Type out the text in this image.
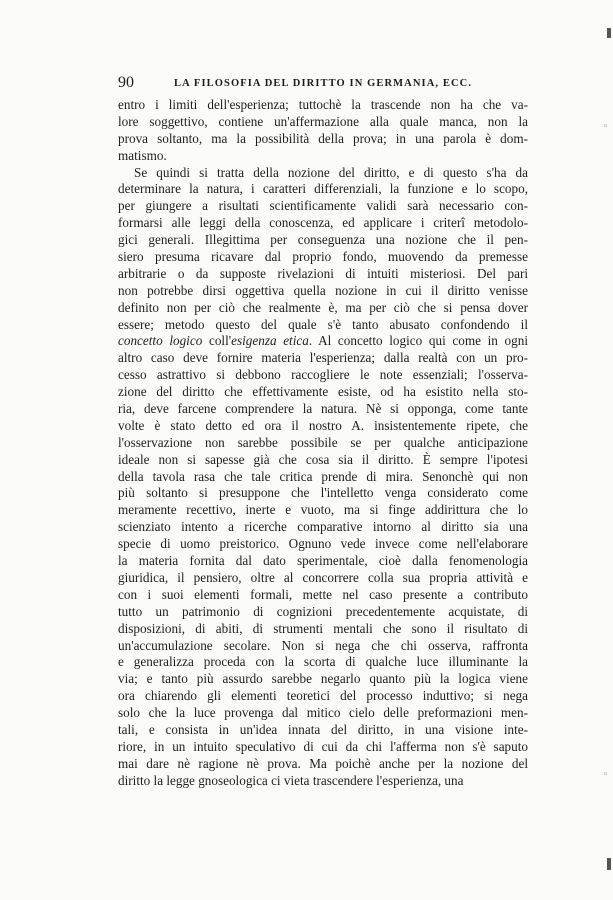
90	LA FILOSOFIA DEL DIRITTO IN GERMANIA, ECC.
entro i limiti dell'esperienza; tuttochè la trascende non ha che va-
lore soggettivo, contiene un'affermazione alla quale manca, non la
prova soltanto, ma la possibilità della prova; in una parola è dom-
matismo.
Se quindi si tratta della nozione del diritto, e di questo s'ha da
determinare la natura, i caratteri differenziali, la funzione e lo scopo,
per giungere a risultati scientificamente validi sarà necessario con-
formarsi alle leggi della conoscenza, ed applicare i criterî metodolo-
gici generali. Illegittima per conseguenza una nozione che il pen-
siero presuma ricavare dal proprio fondo, muovendo da premesse
arbitrarie o da supposte rivelazioni di intuiti misteriosi. Del pari
non potrebbe dirsi oggettiva quella nozione in cui il diritto venisse
definito non per ciò che realmente è, ma per ciò che si pensa dover
essere; metodo questo del quale s'è tanto abusato confondendo il
concetto logico coll'esigenza etica. Al concetto logico qui come in ogni
altro caso deve fornire materia l'esperienza; dalla realtà con un pro-
cesso astrattivo si debbono raccogliere le note essenziali; l'osserva-
zione del diritto che effettivamente esiste, od ha esistito nella sto-
ria, deve farcene comprendere la natura. Nè si opponga, come tante
volte è stato detto ed ora il nostro A. insistentemente ripete, che
l'osservazione non sarebbe possibile se per qualche anticipazione
ideale non si sapesse già che cosa sia il diritto. È sempre l'ipotesi
della tavola rasa che tale critica prende di mira. Senonchè qui non
più soltanto si presuppone che l'intelletto venga considerato come
meramente recettivo, inerte e vuoto, ma si finge addirittura che lo
scienziato intento a ricerche comparative intorno al diritto sia una
specie di uomo preistorico. Ognuno vede invece come nell'elaborare
la materia fornita dal dato sperimentale, cioè dalla fenomenologia
giuridica, il pensiero, oltre al concorrere colla sua propria attività e
con i suoi elementi formali, mette nel caso presente a contributo
tutto un patrimonio di cognizioni precedentemente acquistate, di
disposizioni, di abiti, di strumenti mentali che sono il risultato di
un'accumulazione secolare. Non si nega che chi osserva, raffronta
e generalizza proceda con la scorta di qualche luce illuminante la
via; e tanto più assurdo sarebbe negarlo quanto più la logica viene
ora chiarendo gli elementi teoretici del processo induttivo; si nega
solo che la luce provenga dal mitico cielo delle preformazioni men-
tali, e consista in un'idea innata del diritto, in una visione inte-
riore, in un intuito speculativo di cui da chi l'afferma non s'è saputo
mai dare nè ragione nè prova. Ma poichè anche per la nozione del
diritto la legge gnoseologica ci vieta trascendere l'esperienza, una
◦
◦
